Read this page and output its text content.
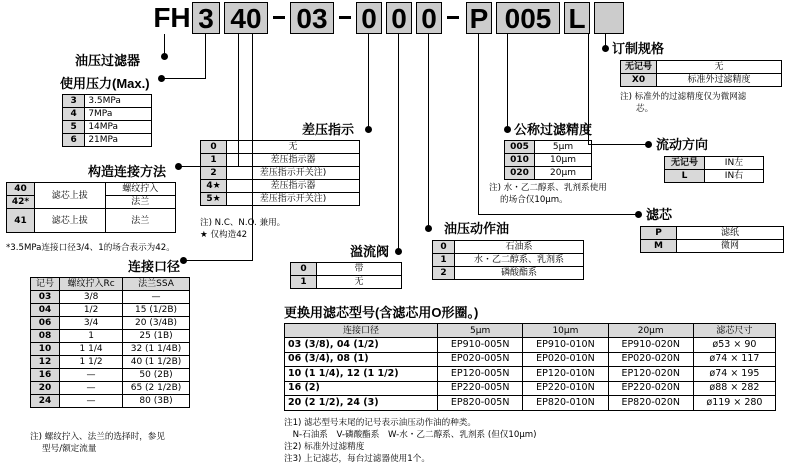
FH 3 40 03 0 0 0 P 005 L
油压过滤器
使用压力(Max.)
3	3.5MPa
4	7MPa
5	14MPa
6	21MPa
构造连接方法
40	滤芯上拔	螺纹拧入
42*		法兰
41	滤芯上拔	法兰
*3.5MPa连接口径3/4、1的场合表示为42。
连接口径
记号	螺纹拧入Rc	法兰SSA
03	3/8	—
04	1/2	15 (1/2B)
06	3/4	20 (3/4B)
08	1	25 (1B)
10	1 1/4	32 (1 1/4B)
12	1 1/2	40 (1 1/2B)
16	—	50 (2B)
20	—	65 (2 1/2B)
24	—	80 (3B)
注) 螺纹拧入、法兰的选择时，参见
型号/额定流量
差压指示
0	无
1	差压指示器
2	差压指示开关注)
4★	差压指示器
5★	差压指示开关注)
注) N.C、N.O. 兼用。
★ 仅构造42
溢流阀
0	带
1	无
油压动作油
0	石油系
1	水・乙二醇系、乳剂系
2	磷酸酯系
公称过滤精度
005	5μm
010	10μm
020	20μm
注) 水・乙二醇系、乳剂系使用
的场合仅10μm。
订制规格
无记号	无
X0	标准外过滤精度
注) 标准外的过滤精度仅为微网滤
芯。
流动方向
无记号	IN左
L	IN右
滤芯
P	滤纸
M	微网
更换用滤芯型号(含滤芯用O形圈。)
连接口径	5μm	10μm	20μm	滤芯尺寸
03 (3/8), 04 (1/2)	EP910-005N	EP910-010N	EP910-020N	ø53 × 90
06 (3/4), 08 (1)	EP020-005N	EP020-010N	EP020-020N	ø74 × 117
10 (1 1/4), 12 (1 1/2)	EP120-005N	EP120-010N	EP120-020N	ø74 × 195
16 (2)	EP220-005N	EP220-010N	EP220-020N	ø88 × 282
20 (2 1/2), 24 (3)	EP820-005N	EP820-010N	EP820-020N	ø119 × 280
注1) 滤芯型号末尾的记号表示油压动作油的种类。
　N-石油系　V-磷酸酯系　W-水・乙二醇系、乳剂系 (但仅10μm)
注2) 标准外过滤精度
注3) 上记滤芯，每台过滤器使用1个。
